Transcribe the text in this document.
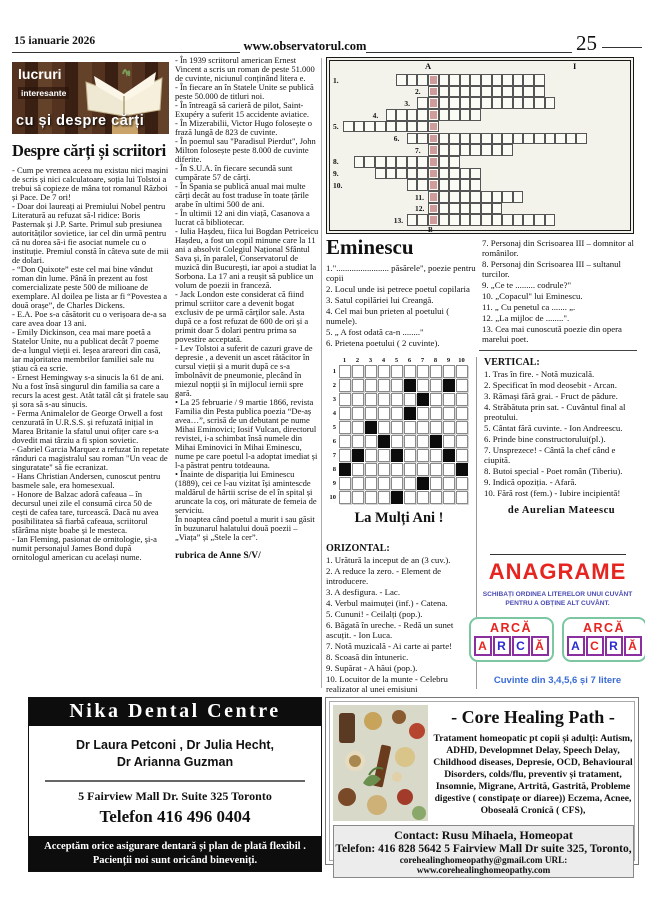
15 ianuarie 2026	www.observatorul.com	25
lucruri
interesante
cu și despre cărți
Despre cărți și scriitori
- Cum pe vremea aceea nu existau nici mașini de scris și nici calculatoare, soția lui Tolstoi a trebui să copieze de mâna tot romanul Război și Pace. De 7 ori!
- Doar doi laureați ai Premiului Nobel pentru Literatură au refuzat să-l ridice: Boris Pasternak și J.P. Sarte. Primul sub presiunea autorităților sovietice, iar cel din urmă pentru că nu dorea să-i fie asociat numele cu o instituție. Premiul constă în câteva sute de mii de dolari.
- “Don Quixote” este cel mai bine vândut roman din lume. Până în prezent au fost comercializate peste 500 de milioane de exemplare. Al doilea pe lista ar fi “Povestea a două orașe”, de Charles Dickens.
- E.A. Poe s-a căsătorit cu o verișoara de-a sa care avea doar 13 ani.
- Emily Dickinson, cea mai mare poetă a Statelor Unite, nu a publicat decât 7 poeme de-a lungul vieții ei. Ieșea arareori din casă, iar majoritatea membrilor familiei sale nu știau că ea scrie.
- Ernest Hemingway s-a sinucis la 61 de ani. Nu a fost însă singurul din familia sa care a recurs la acest gest. Atât tatăl cât și fratele sau și sora să s-au sinucis.
- Ferma Animalelor de George Orwell a fost cenzurată în U.R.S.S. și refuzată inițial in Marea Britanie la sfatul unui ofițer care s-a dovedit mai târziu a fi spion sovietic.
- Gabriel Garcia Marquez a refuzat în repetate rânduri ca magistralul sau roman "Un veac de singuratate" să fie ecranizat.
- Hans Christian Andersen, cunoscut pentru basmele sale, era homesexual.
- Honore de Balzac adoră cafeaua – în decursul unei zile el consumă circa 50 de cești de cafea tare, turcească. Dacă nu avea posibilitatea să fiarbă cafeaua, scriitorul sfărâma niște boabe și le mesteca.
- Ian Fleming, pasionat de ornitologie, și-a numit personajul James Bond după ornitologul american cu același nume.
- În 1939 scriitorul american Ernest Vincent a scris un roman de peste 51.000 de cuvinte, niciunul conținând litera e.
- În fiecare an în Statele Unite se publică peste 50.000 de titluri noi.
- În întreagă să carieră de pilot, Saint-Exupéry a suferit 15 accidente aviatice.
- În Mizerabilii, Victor Hugo folosește o frază lungă de 823 de cuvinte.
- În poemul sau "Paradisul Pierdut", John Milton folosește peste 8.000 de cuvinte diferite.
- În S.U.A. în fiecare secundă sunt cumpărate 57 de cărți.
- În Spania se publică anual mai multe cărți decât au fost traduse în toate țările arabe în ultimi 500 de ani.
- În ultimii 12 ani din viață, Casanova a lucrat că bibliotecar.
- Iulia Hașdeu, fiica lui Bogdan Petriceicu Hașdeu, a fost un copil minune care la 11 ani a absolvit Colegiul Național Sfântul Sava și, în paralel, Conservatorul de muzică din București, iar apoi a studiat la Sorbona. La 17 ani a reușit să publice un volum de poezii in franceză.
- Jack London este considerat că fiind primul scriitor care a devenit bogat exclusiv de pe urmă cărților sale. Asta după ce a fost refuzat de 600 de ori și a primit doar 5 dolari pentru prima sa povestire acceptată.
- Lev Tolstoi a suferit de cazuri grave de depresie , a devenit un ascet rătăcitor în cursul vieții și a murit după ce s-a îmbolnăvit de pneumonie, plecând în miezul nopții și în mijlocul iernii spre gară.
• La 25 februarie / 9 martie 1866, revista Familia din Pesta publica poezia “De-aș avea…”, scrisă de un debutant pe nume Mihai Eminovici; Iosif Vulcan, directorul revistei, i-a schimbat însă numele din Mihai Eminovici în Mihai Eminescu, nume pe care poetul l-a adoptat imediat și l-a păstrat pentru totdeauna.
• Înainte de dispariția lui Eminescu (1889), cei ce l-au vizitat își amintescde maldărul de hârtii scrise de el în spital și aruncate la coș, ori măturate de femeia de serviciu.
În noaptea când poetul a murit i sau găsit în buzunarul halatului două poezii – „Viața” și „Stele la cer”.
rubrica de Anne S/V/
A	I
B
1.
2.
3.
4.
5.
6.
7.
8.
9.
10.
11.
12.
13.
Eminescu
1."........................ păsărele", poezie pentru copii
2. Locul unde isi petrece poetul copilaria
3. Satul copilăriei lui Creangă.
4. Cel mai bun prieten al poetului ( numele).
5. „ A fost odată ca-n ........"
6. Prietena poetului ( 2 cuvinte).
7. Personaj din Scrisoarea III – domnitor al românilor.
8. Personaj din Scrisoarea III – sultanul turcilor.
9. „Ce te ......... codrule?"
10. „Copacul" lui Eminescu.
11. „ Cu penetul ca ....... „.
12. „La mijloc de ........".
13. Cea mai cunoscută poezie din opera marelui poet.
1	2	3	4	5	6	7	8	9	10
1
2
3
4
5
6
7
8
9
10
La Mulți Ani !
ORIZONTAL:
1. Urătură la inceput de an (3 cuv.).
2. A reduce la zero. - Element de introducere.
3. A desfigura. - Lac.
4. Verbul maimuței (inf.) - Catena.
5. Cununi! - Ceilalți (pop.).
6. Băgată în ureche. - Redă un sunet ascuțit. - Ion Luca.
7. Notă muzicală - Ai carte ai parte!
8. Scoasă din întuneric.
9. Supărat - A hăui (pop.).
10. Locuitor de la munte - Celebru realizator al unei emisiuni
VERTICAL:
1. Tras în fire. - Notă muzicală.
2. Specificat în mod deosebit - Arcan.
3. Rămași fără grai. - Fruct de pădure.
4. Străbătuta prin sat. - Cuvântul final al preotului.
5. Cântat fără cuvinte. - Ion Andreescu.
6. Prinde bine constructorului(pl.).
7. Unsprezece! - Cântă la chef când e ciupită.
8. Butoi special - Poet român (Tiberiu).
9. Indică opoziția. - Afară.
10. Fără rost (fem.) - Iubire incipientă!
de Aurelian Mateescu
ANAGRAME
SCHIBAȚI ORDINEA LITERELOR UNUI CUVÂNT
PENTRU A OBȚINE ALT CUVÂNT.
ARCĂ
A R C Ă
ARCĂ
A C R Ă
Cuvinte din 3,4,5,6 și 7 litere
Nika Dental Centre
Dr Laura Petconi , Dr Julia Hecht,
Dr Arianna Guzman
5 Fairview Mall Dr. Suite 325 Toronto
Telefon 416 496 0404
Acceptăm orice asigurare dentară și plan de plată flexibil .
Pacienții noi sunt oricând bineveniți.
- Core Healing Path -
Tratament homeopatic pt copii și adulți: Autism, ADHD, Developmnet Delay, Speech Delay, Childhood diseases, Depresie, OCD, Behavioural Disorders, colds/flu, preventiv și tratament, Insomnie, Migrane, Artrită, Gastrită, Probleme digestive ( constipațe or diaree)) Eczema, Acnee, Oboseală Cronică ( CFS),
Contact: Rusu Mihaela, Homeopat
Telefon: 416 828 5642 5 Fairview Mall Dr suite 325, Toronto,
corehealinghomeopathy@gmail.com URL: www.corehealinghomeopathy.com
